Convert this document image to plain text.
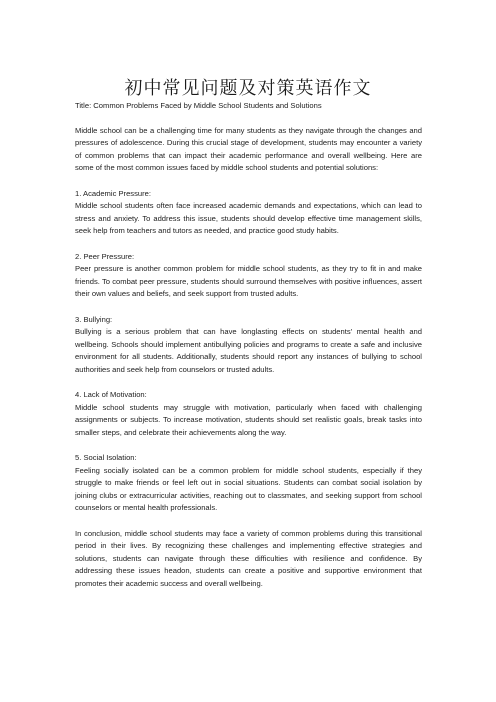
初中常见问题及对策英语作文

Title: Common Problems Faced by Middle School Students and Solutions

Middle school can be a challenging time for many students as they navigate through the changes and pressures of adolescence. During this crucial stage of development, students may encounter a variety of common problems that can impact their academic performance and overall wellbeing. Here are some of the most common issues faced by middle school students and potential solutions:

1. Academic Pressure:

Middle school students often face increased academic demands and expectations, which can lead to stress and anxiety. To address this issue, students should develop effective time management skills, seek help from teachers and tutors as needed, and practice good study habits.

2. Peer Pressure:

Peer pressure is another common problem for middle school students, as they try to fit in and make friends. To combat peer pressure, students should surround themselves with positive influences, assert their own values and beliefs, and seek support from trusted adults.

3. Bullying:

Bullying is a serious problem that can have longlasting effects on students' mental health and wellbeing. Schools should implement antibullying policies and programs to create a safe and inclusive environment for all students. Additionally, students should report any instances of bullying to school authorities and seek help from counselors or trusted adults.

4. Lack of Motivation:

Middle school students may struggle with motivation, particularly when faced with challenging assignments or subjects. To increase motivation, students should set realistic goals, break tasks into smaller steps, and celebrate their achievements along the way.

5. Social Isolation:

Feeling socially isolated can be a common problem for middle school students, especially if they struggle to make friends or feel left out in social situations. Students can combat social isolation by joining clubs or extracurricular activities, reaching out to classmates, and seeking support from school counselors or mental health professionals.

In conclusion, middle school students may face a variety of common problems during this transitional period in their lives. By recognizing these challenges and implementing effective strategies and solutions, students can navigate through these difficulties with resilience and confidence. By addressing these issues headon, students can create a positive and supportive environment that promotes their academic success and overall wellbeing.
